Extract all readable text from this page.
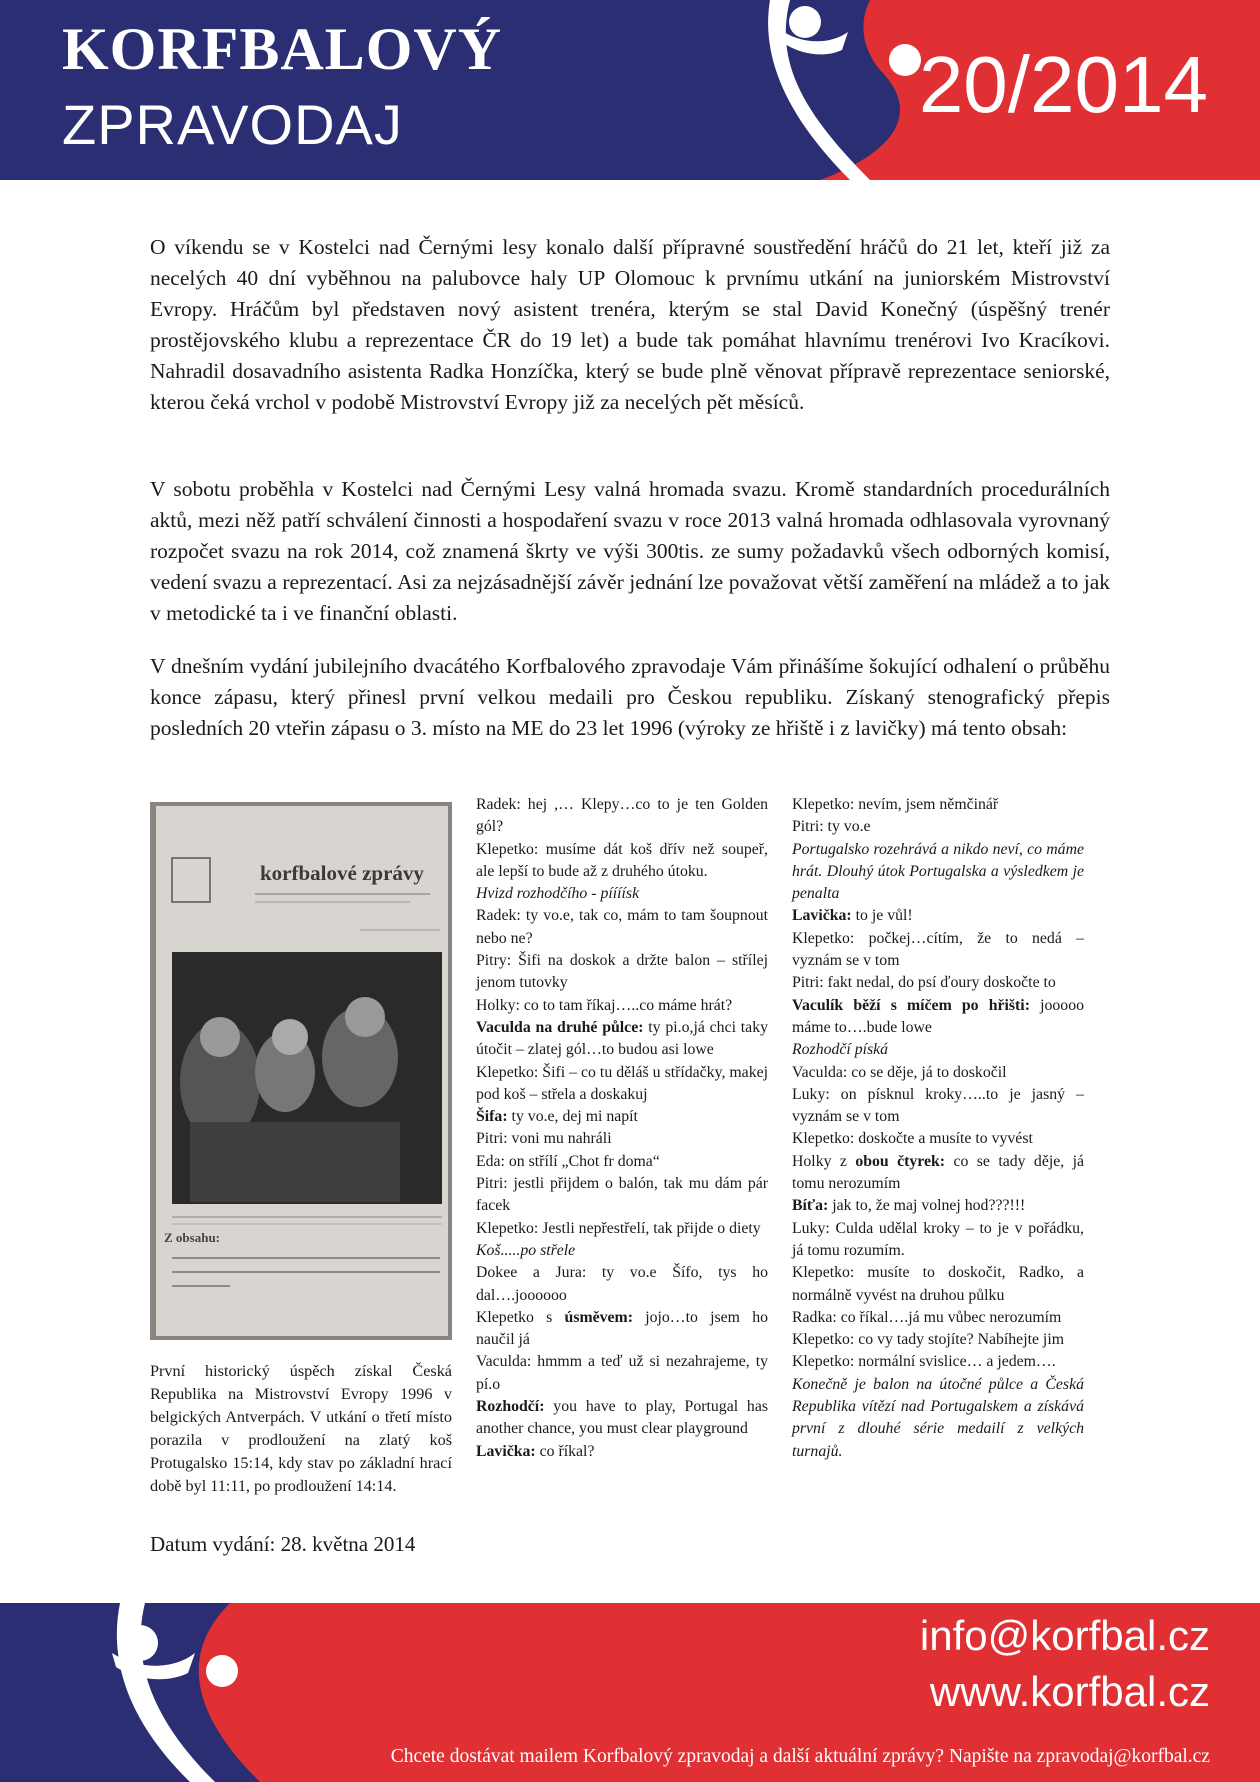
KORFBALOVÝ
ZPRAVODAJ	20/2014

O víkendu se v Kostelci nad Černými lesy konalo další přípravné soustředění hráčů do 21 let, kteří již za necelých 40 dní vyběhnou na palubovce haly UP Olomouc k prvnímu utkání na juniorském Mistrovství Evropy. Hráčům byl představen nový asistent trenéra, kterým se stal David Konečný (úspěšný trenér prostějovského klubu a reprezentace ČR do 19 let) a bude tak pomáhat hlavnímu trenérovi Ivo Kracíkovi. Nahradil dosavadního asistenta Radka Honzíčka, který se bude plně věnovat přípravě reprezentace seniorské, kterou čeká vrchol v podobě Mistrovství Evropy již za necelých pět měsíců.

V sobotu proběhla v Kostelci nad Černými Lesy valná hromada svazu. Kromě standardních procedurálních aktů, mezi něž patří schválení činnosti a hospodaření svazu v roce 2013 valná hromada odhlasovala vyrovnaný rozpočet svazu na rok 2014, což znamená škrty ve výši 300tis. ze sumy požadavků všech odborných komisí, vedení svazu a reprezentací. Asi za nejzásadnější závěr jednání lze považovat větší zaměření na mládež a to jak v metodické ta i ve finanční oblasti.

V dnešním vydání jubilejního dvacátého Korfbalového zpravodaje Vám přinášíme šokující odhalení o průběhu konce zápasu, který přinesl první velkou medaili pro Českou republiku. Získaný stenografický přepis posledních 20 vteřin zápasu o 3. místo na ME do 23 let 1996 (výroky ze hřiště i z lavičky) má tento obsah:

korfbalové zprávy
Z obsahu:
První historický úspěch získal Česká Republika na Mistrovství Evropy 1996 v belgických Antverpách. V utkání o třetí místo porazila v prodloužení na zlatý koš Protugalsko 15:14, kdy stav po základní hrací době byl 11:11, po prodloužení 14:14.

Radek: hej ,… Klepy…co to je ten Golden gól?

Klepetko: musíme dát koš dřív než soupeř, ale lepší to bude až z druhého útoku.

Hvizd rozhodčího - píííísk

Radek: ty vo.e, tak co, mám to tam šoupnout nebo ne?

Pitry: Šifi na doskok a držte balon – střílej jenom tutovky

Holky: co to tam říkaj…..co máme hrát?

Vaculda na druhé půlce: ty pi.o,já chci taky útočit – zlatej gól…to budou asi lowe

Klepetko: Šifi – co tu děláš u střídačky, makej pod koš – střela a doskakuj

Šifa: ty vo.e, dej mi napít

Pitri: voni mu nahráli

Eda: on střílí „Chot fr doma“

Pitri: jestli přijdem o balón, tak mu dám pár facek

Klepetko: Jestli nepřestřelí, tak přijde o diety

Koš.....po střele

Dokee a Jura: ty vo.e Šífo, tys ho dal….joooooo

Klepetko s úsměvem: jojo…to jsem ho naučil já

Vaculda: hmmm a teď už si nezahrajeme, ty pí.o

Rozhodčí: you have to play, Portugal has another chance, you must clear playground

Lavička: co říkal?

Klepetko: nevím, jsem němčinář

Pitri: ty vo.e

Portugalsko rozehrává a nikdo neví, co máme hrát. Dlouhý útok Portugalska a výsledkem je penalta

Lavička: to je vůl!

Klepetko: počkej…cítím, že to nedá – vyznám se v tom

Pitri: fakt nedal, do psí ďoury doskočte to

Vaculík běží s míčem po hřišti: jooooo máme to….bude lowe

Rozhodčí píská

Vaculda: co se děje, já to doskočil

Luky: on písknul kroky…..to je jasný – vyznám se v tom

Klepetko: doskočte a musíte to vyvést

Holky z obou čtyrek: co se tady děje, já tomu nerozumím

Bíťa: jak to, že maj volnej hod???!!!

Luky: Culda udělal kroky – to je v pořádku, já tomu rozumím.

Klepetko: musíte to doskočit, Radko, a normálně vyvést na druhou půlku

Radka: co říkal….já mu vůbec nerozumím

Klepetko: co vy tady stojíte? Nabíhejte jim

Klepetko: normální svislice… a jedem….

Konečně je balon na útočné půlce a Česká Republika vítězí nad Portugalskem a získává první z dlouhé série medailí z velkých turnajů.

Datum vydání: 28. května 2014
info@korfbal.cz
www.korfbal.cz
Chcete dostávat mailem Korfbalový zpravodaj a další aktuální zprávy? Napište na zpravodaj@korfbal.cz
